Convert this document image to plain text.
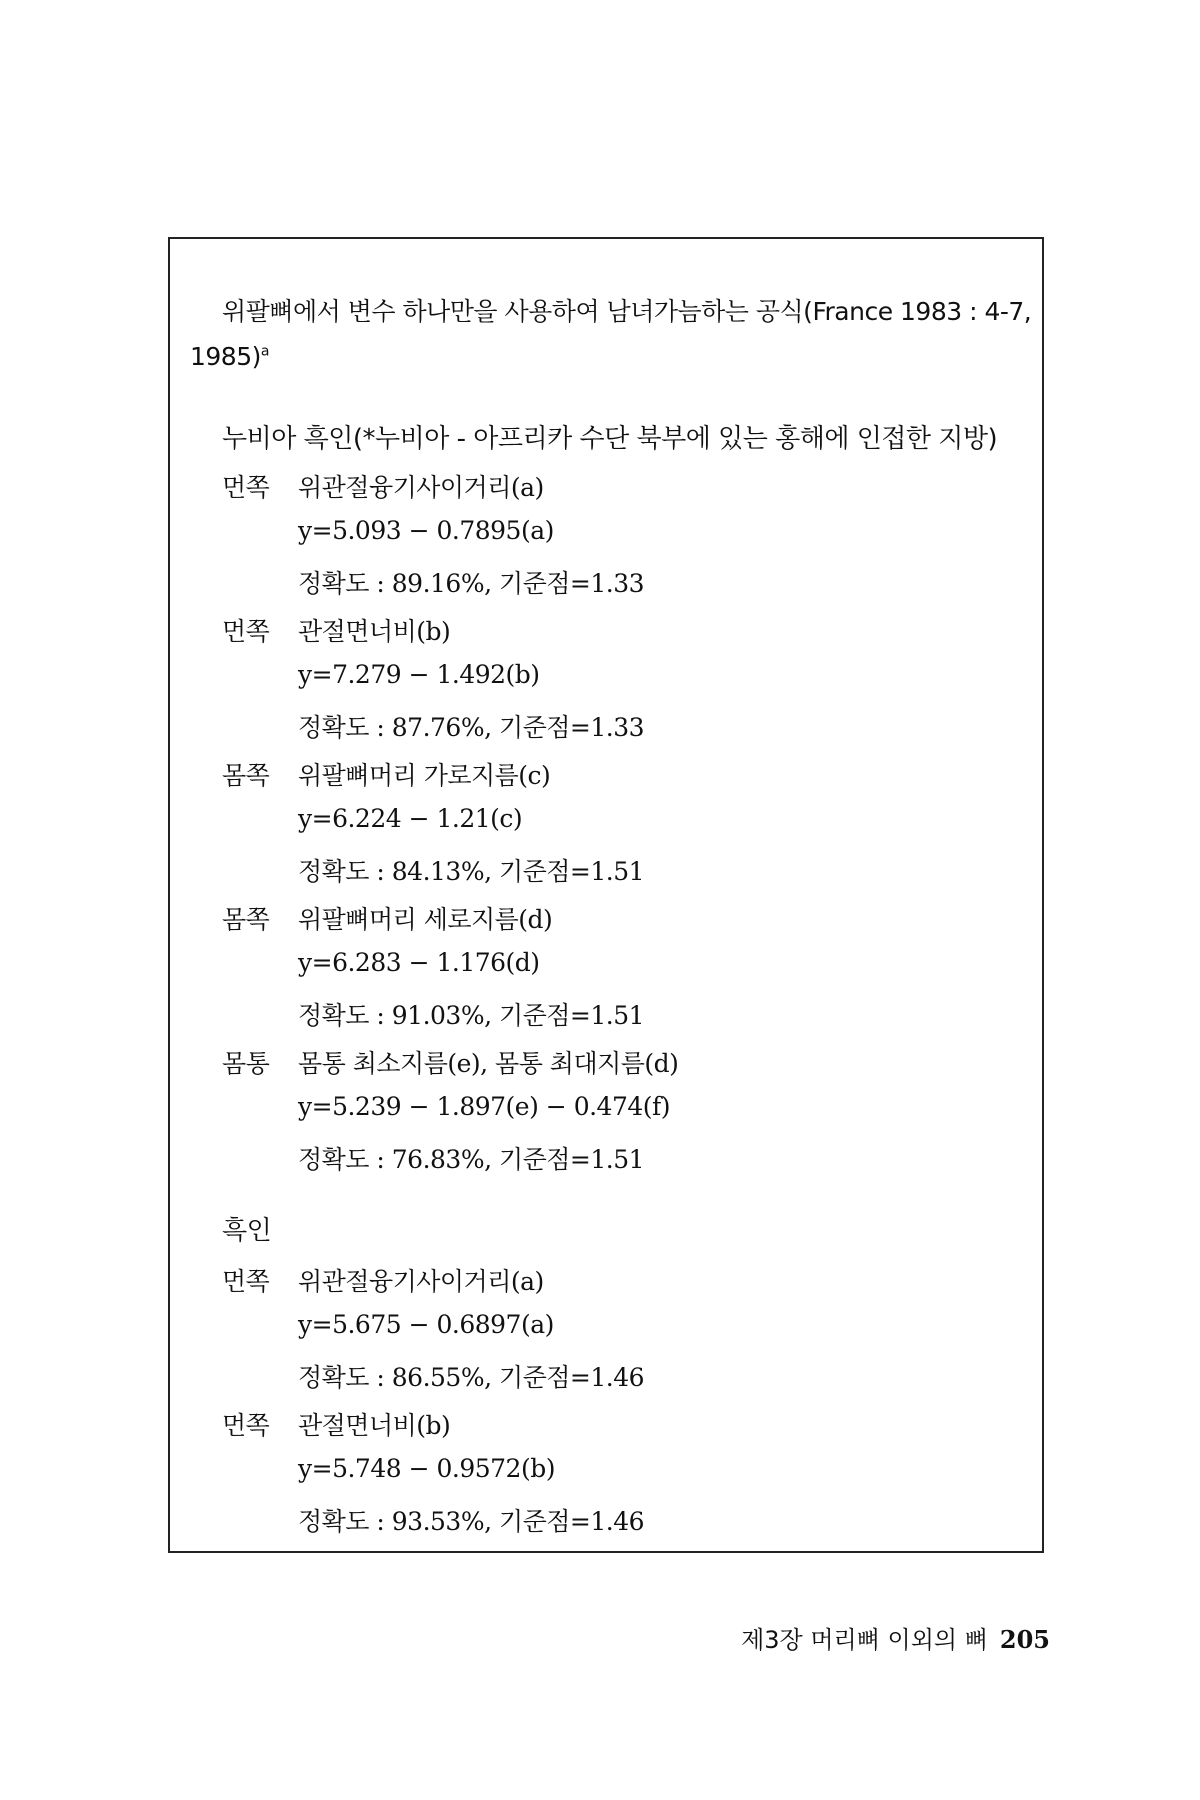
위팔뼈에서 변수 하나만을 사용하여 남녀가늠하는 공식(France 1983 : 4-7,
1985)$^a$
누비아 흑인(*누비아 - 아프리카 수단 북부에 있는 홍해에 인접한 지방)
먼쪽 위관절융기사이거리(a)
y=5.093 − 0.7895(a)
정확도 : 89.16%, 기준점=1.33
먼쪽 관절면너비(b)
y=7.279 − 1.492(b)
정확도 : 87.76%, 기준점=1.33
몸쪽 위팔뼈머리 가로지름(c)
y=6.224 − 1.21(c)
정확도 : 84.13%, 기준점=1.51
몸쪽 위팔뼈머리 세로지름(d)
y=6.283 − 1.176(d)
정확도 : 91.03%, 기준점=1.51
몸통 몸통 최소지름(e), 몸통 최대지름(d)
y=5.239 − 1.897(e) − 0.474(f)
정확도 : 76.83%, 기준점=1.51
흑인
먼쪽 위관절융기사이거리(a)
y=5.675 − 0.6897(a)
정확도 : 86.55%, 기준점=1.46
먼쪽 관절면너비(b)
y=5.748 − 0.9572(b)
정확도 : 93.53%, 기준점=1.46
제3장 머리뼈 이외의 뼈 205
